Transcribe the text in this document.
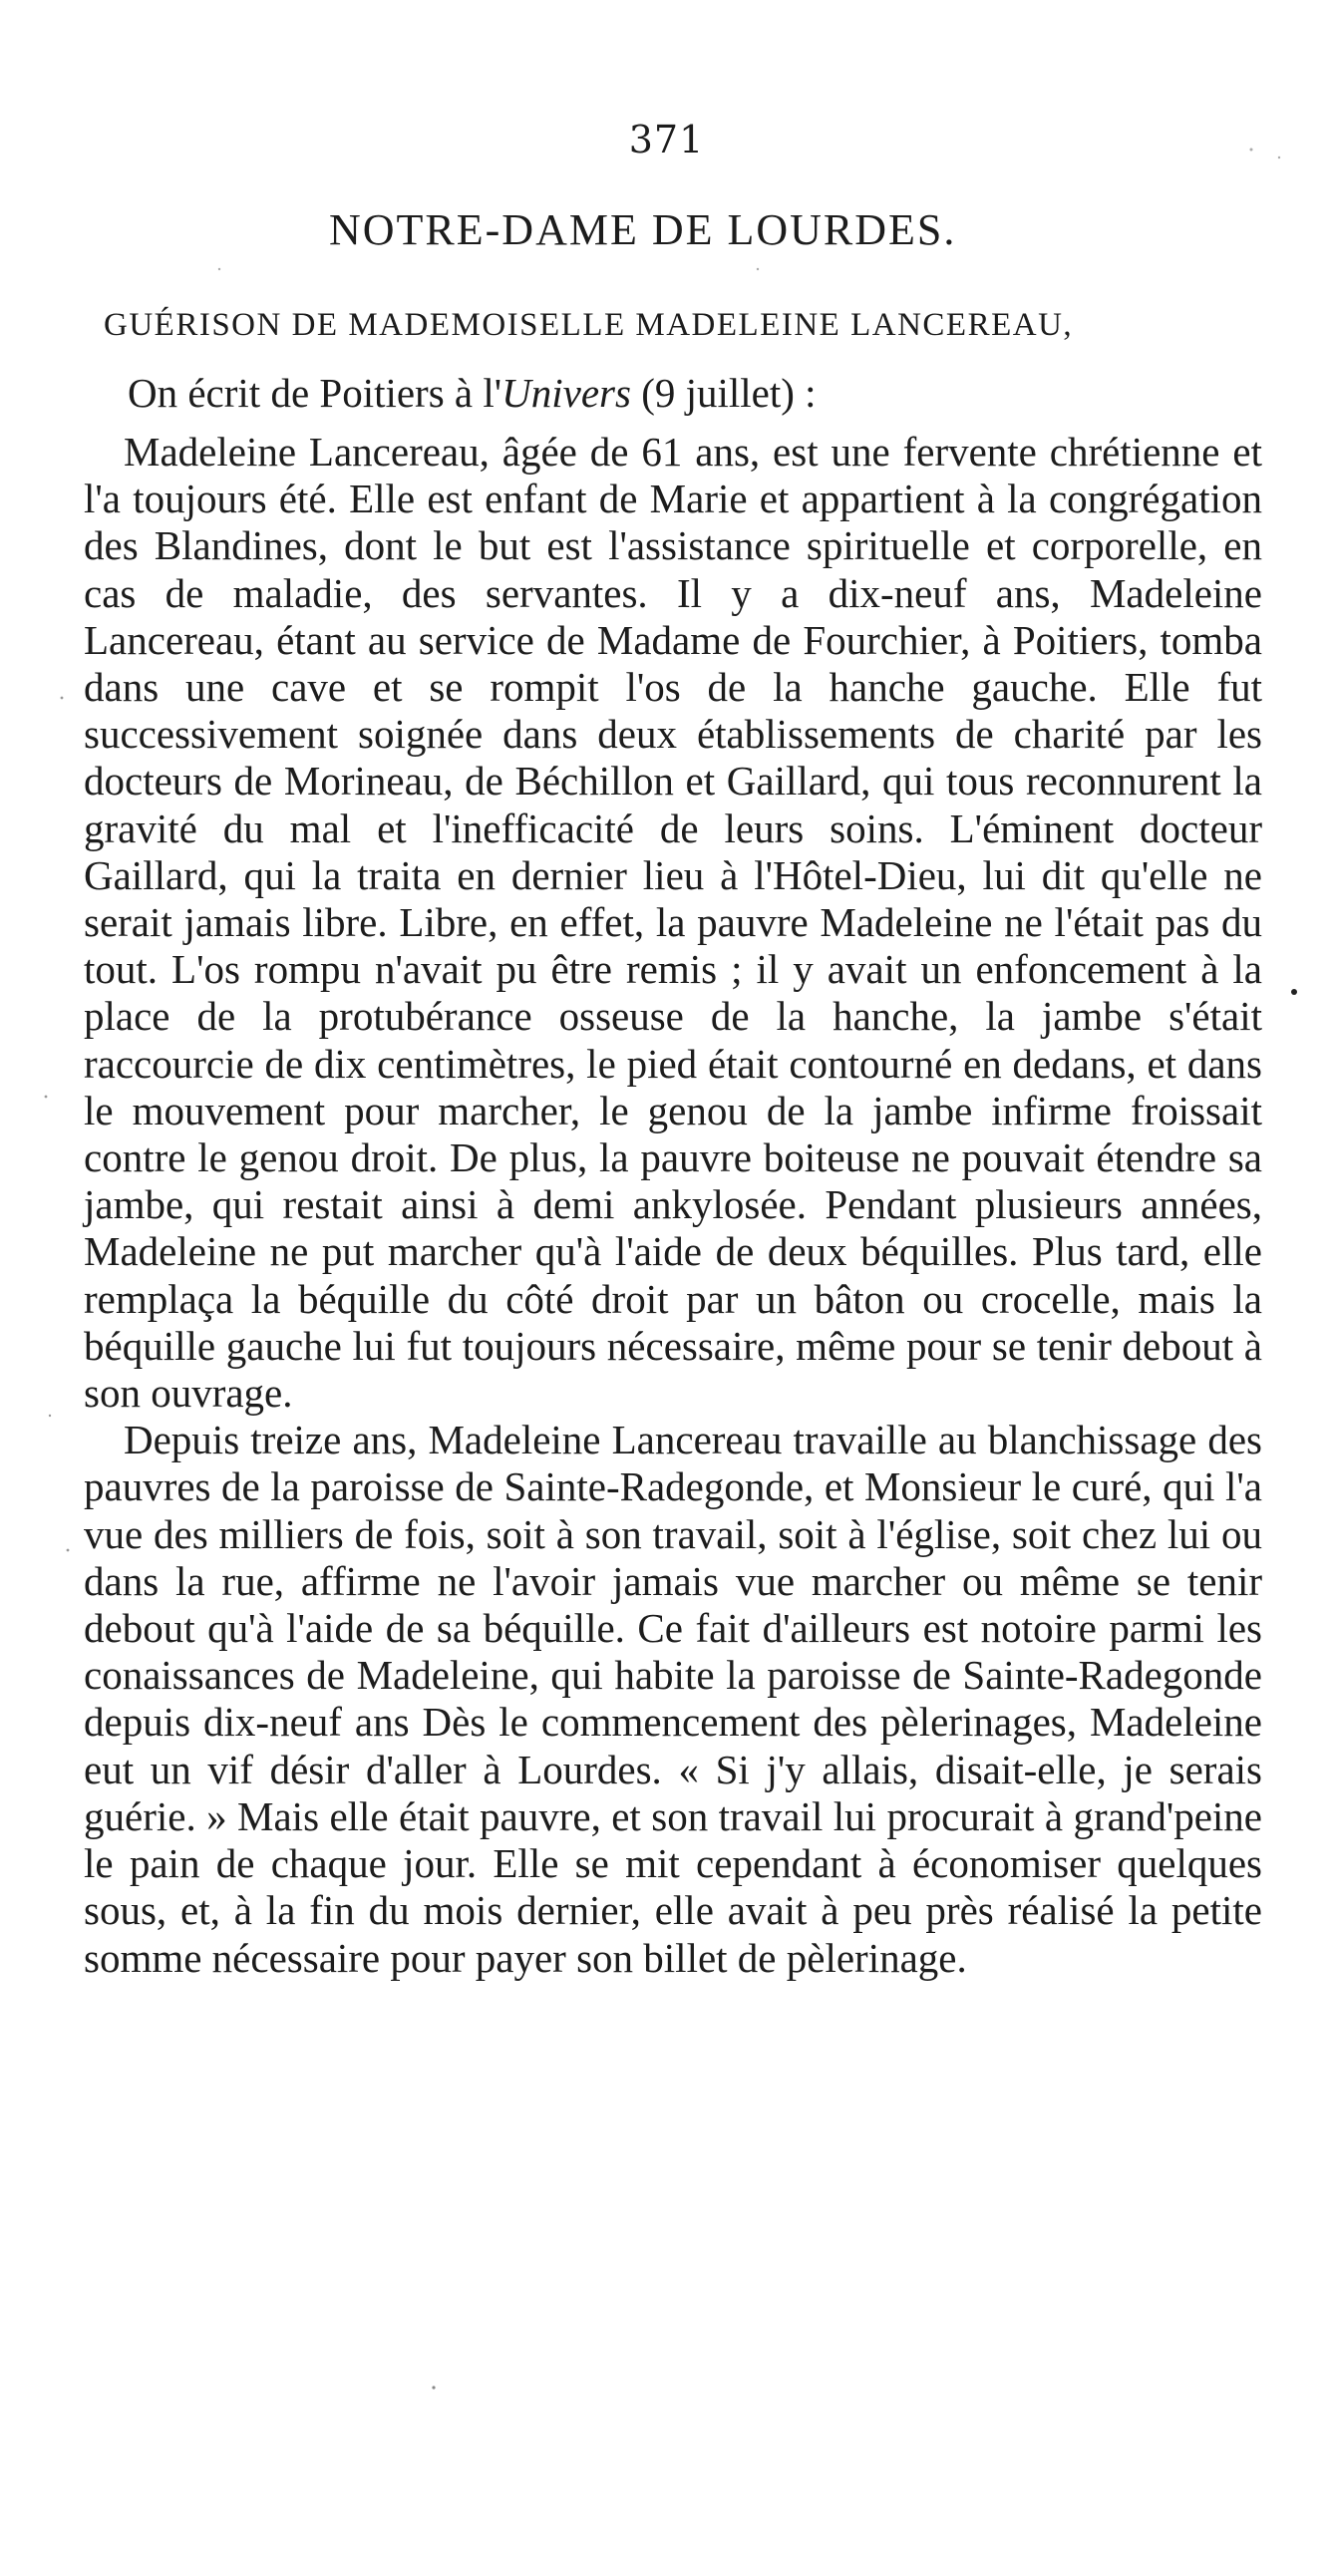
371
NOTRE-DAME DE LOURDES.
GUÉRISON DE MADEMOISELLE MADELEINE LANCEREAU,
On écrit de Poitiers à l'Univers (9 juillet) :

Madeleine Lancereau, âgée de 61 ans, est une fervente chrétienne et l'a toujours été. Elle est enfant de Marie et appartient à la congrégation des Blandines, dont le but est l'assistance spirituelle et corporelle, en cas de maladie, des servantes. Il y a dix-neuf ans, Madeleine Lancereau, étant au service de Madame de Fourchier, à Poitiers, tomba dans une cave et se rompit l'os de la hanche gauche. Elle fut successivement soignée dans deux établissements de charité par les docteurs de Morineau, de Béchillon et Gaillard, qui tous reconnurent la gravité du mal et l'inefficacité de leurs soins. L'éminent docteur Gaillard, qui la traita en dernier lieu à l'Hôtel-Dieu, lui dit qu'elle ne serait jamais libre. Libre, en effet, la pauvre Madeleine ne l'était pas du tout. L'os rompu n'avait pu être remis ; il y avait un enfoncement à la place de la protubérance osseuse de la hanche, la jambe s'était raccourcie de dix centimètres, le pied était contourné en dedans, et dans le mouvement pour marcher, le genou de la jambe infirme froissait contre le genou droit. De plus, la pauvre boiteuse ne pouvait étendre sa jambe, qui restait ainsi à demi ankylosée. Pendant plusieurs années, Madeleine ne put marcher qu'à l'aide de deux béquilles. Plus tard, elle remplaça la béquille du côté droit par un bâton ou crocelle, mais la béquille gauche lui fut toujours nécessaire, même pour se tenir debout à son ouvrage.

Depuis treize ans, Madeleine Lancereau travaille au blanchissage des pauvres de la paroisse de Sainte-Radegonde, et Monsieur le curé, qui l'a vue des milliers de fois, soit à son travail, soit à l'église, soit chez lui ou dans la rue, affirme ne l'avoir jamais vue marcher ou même se tenir debout qu'à l'aide de sa béquille. Ce fait d'ailleurs est notoire parmi les conaissances de Madeleine, qui habite la paroisse de Sainte-Radegonde depuis dix-neuf ans Dès le commencement des pèlerinages, Madeleine eut un vif désir d'aller à Lourdes. « Si j'y allais, disait-elle, je serais guérie. » Mais elle était pauvre, et son travail lui procurait à grand'peine le pain de chaque jour. Elle se mit cependant à économiser quelques sous, et, à la fin du mois dernier, elle avait à peu près réalisé la petite somme nécessaire pour payer son billet de pèlerinage.
